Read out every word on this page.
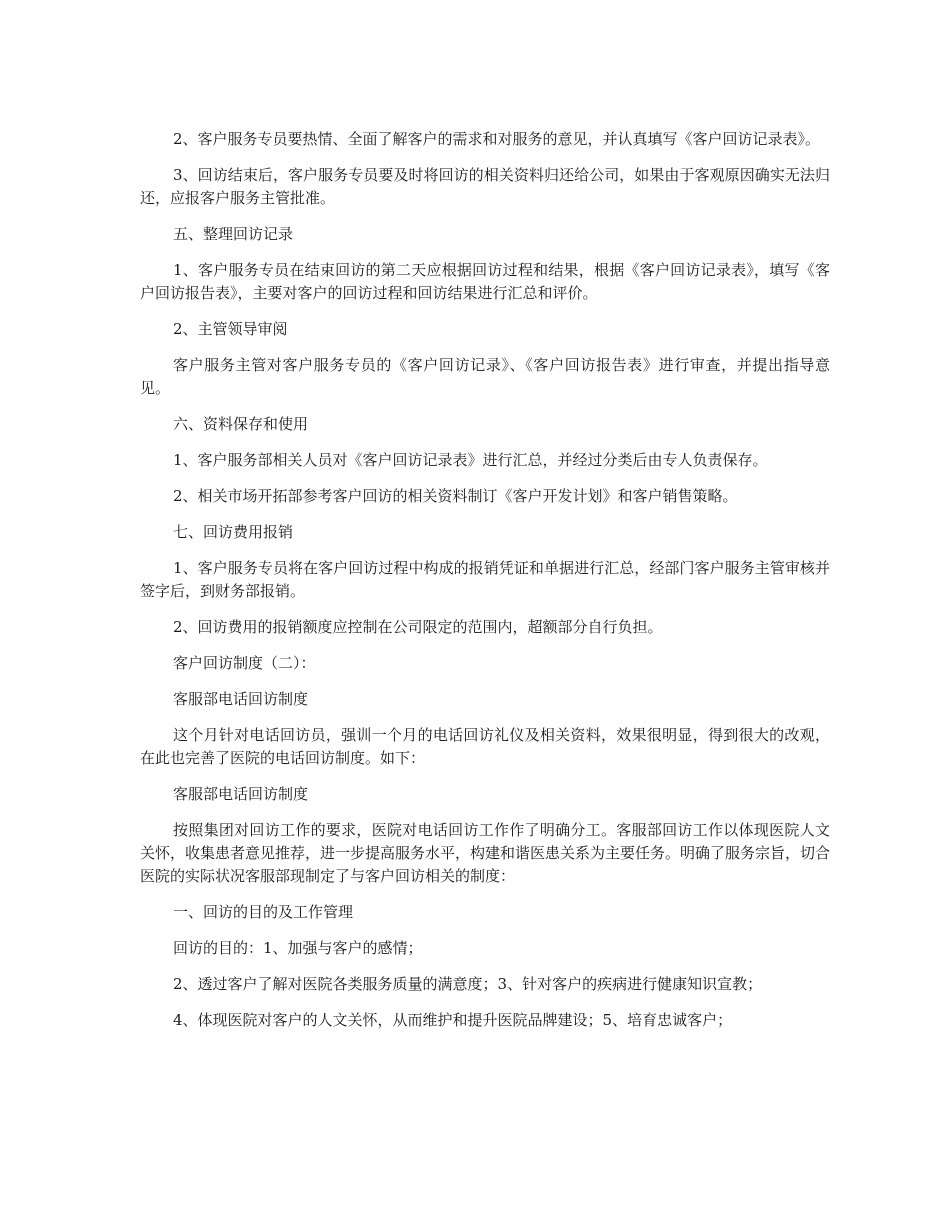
2、客户服务专员要热情、全面了解客户的需求和对服务的意见，并认真填写《客户回访记录表》。

3、回访结束后，客户服务专员要及时将回访的相关资料归还给公司，如果由于客观原因确实无法归还，应报客户服务主管批准。

五、整理回访记录

1、客户服务专员在结束回访的第二天应根据回访过程和结果，根据《客户回访记录表》，填写《客户回访报告表》，主要对客户的回访过程和回访结果进行汇总和评价。

2、主管领导审阅

客户服务主管对客户服务专员的《客户回访记录》、《客户回访报告表》进行审查，并提出指导意见。

六、资料保存和使用

1、客户服务部相关人员对《客户回访记录表》进行汇总，并经过分类后由专人负责保存。

2、相关市场开拓部参考客户回访的相关资料制订《客户开发计划》和客户销售策略。

七、回访费用报销

1、客户服务专员将在客户回访过程中构成的报销凭证和单据进行汇总，经部门客户服务主管审核并签字后，到财务部报销。

2、回访费用的报销额度应控制在公司限定的范围内，超额部分自行负担。

客户回访制度（二）：

客服部电话回访制度

这个月针对电话回访员，强训一个月的电话回访礼仪及相关资料，效果很明显，得到很大的改观，在此也完善了医院的电话回访制度。如下：

客服部电话回访制度

按照集团对回访工作的要求，医院对电话回访工作作了明确分工。客服部回访工作以体现医院人文关怀，收集患者意见推荐，进一步提高服务水平，构建和谐医患关系为主要任务。明确了服务宗旨，切合医院的实际状况客服部现制定了与客户回访相关的制度：

一、回访的目的及工作管理

回访的目的：1、加强与客户的感情；

2、透过客户了解对医院各类服务质量的满意度；3、针对客户的疾病进行健康知识宣教；

4、体现医院对客户的人文关怀，从而维护和提升医院品牌建设；5、培育忠诚客户；
